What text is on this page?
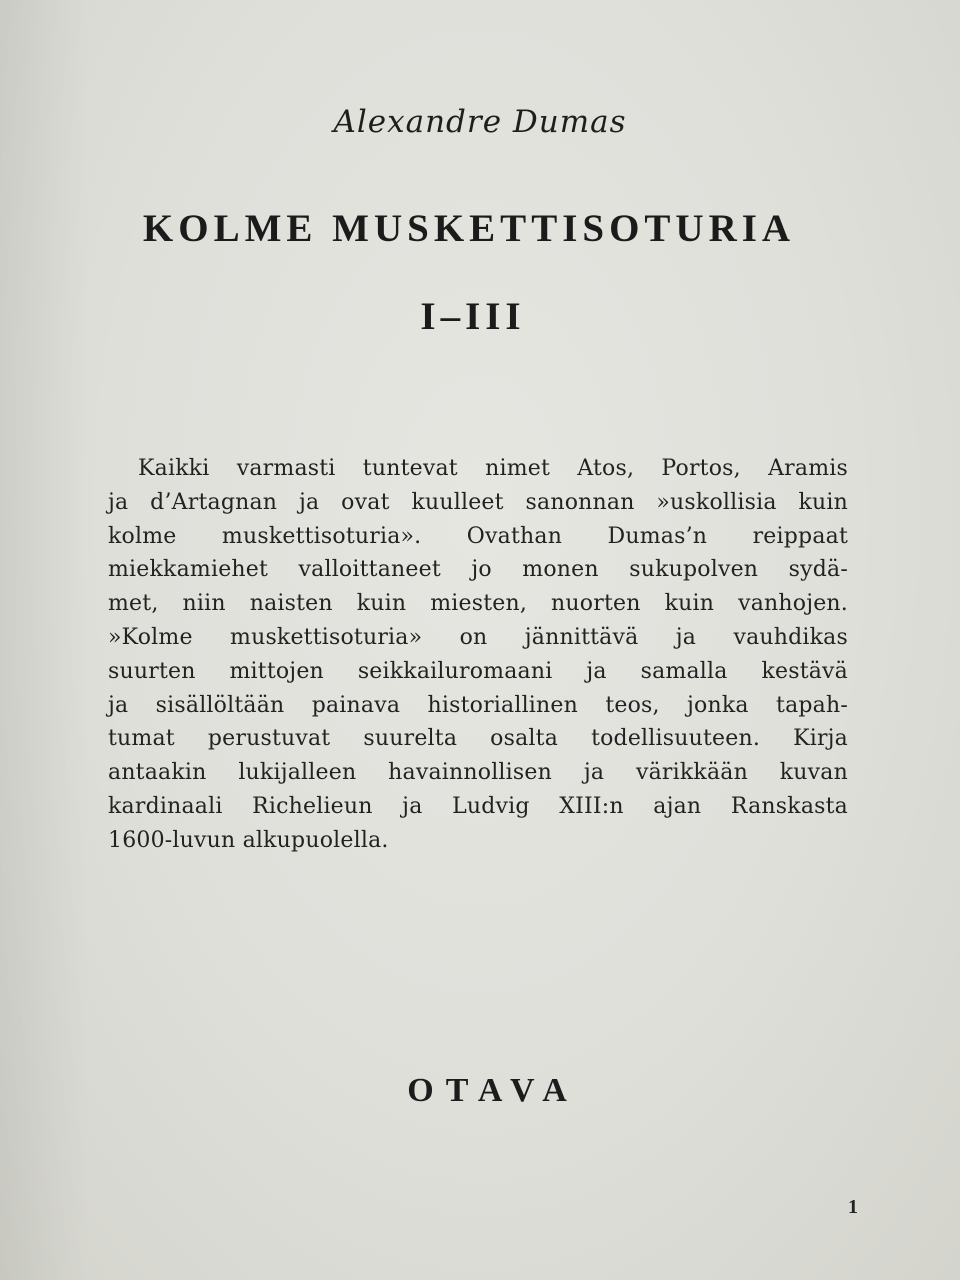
Alexandre Dumas
KOLME MUSKETTISOTURIA
I–III
Kaikki varmasti tuntevat nimet Atos, Portos, Aramis
ja d’Artagnan ja ovat kuulleet sanonnan »uskollisia kuin
kolme muskettisoturia». Ovathan Dumas’n reippaat
miekkamiehet valloittaneet jo monen sukupolven sydä-
met, niin naisten kuin miesten, nuorten kuin vanhojen.
»Kolme muskettisoturia» on jännittävä ja vauhdikas
suurten mittojen seikkailuromaani ja samalla kestävä
ja sisällöltään painava historiallinen teos, jonka tapah-
tumat perustuvat suurelta osalta todellisuuteen. Kirja
antaakin lukijalleen havainnollisen ja värikkään kuvan
kardinaali Richelieun ja Ludvig XIII:n ajan Ranskasta
1600-luvun alkupuolella.
OTAVA
1
